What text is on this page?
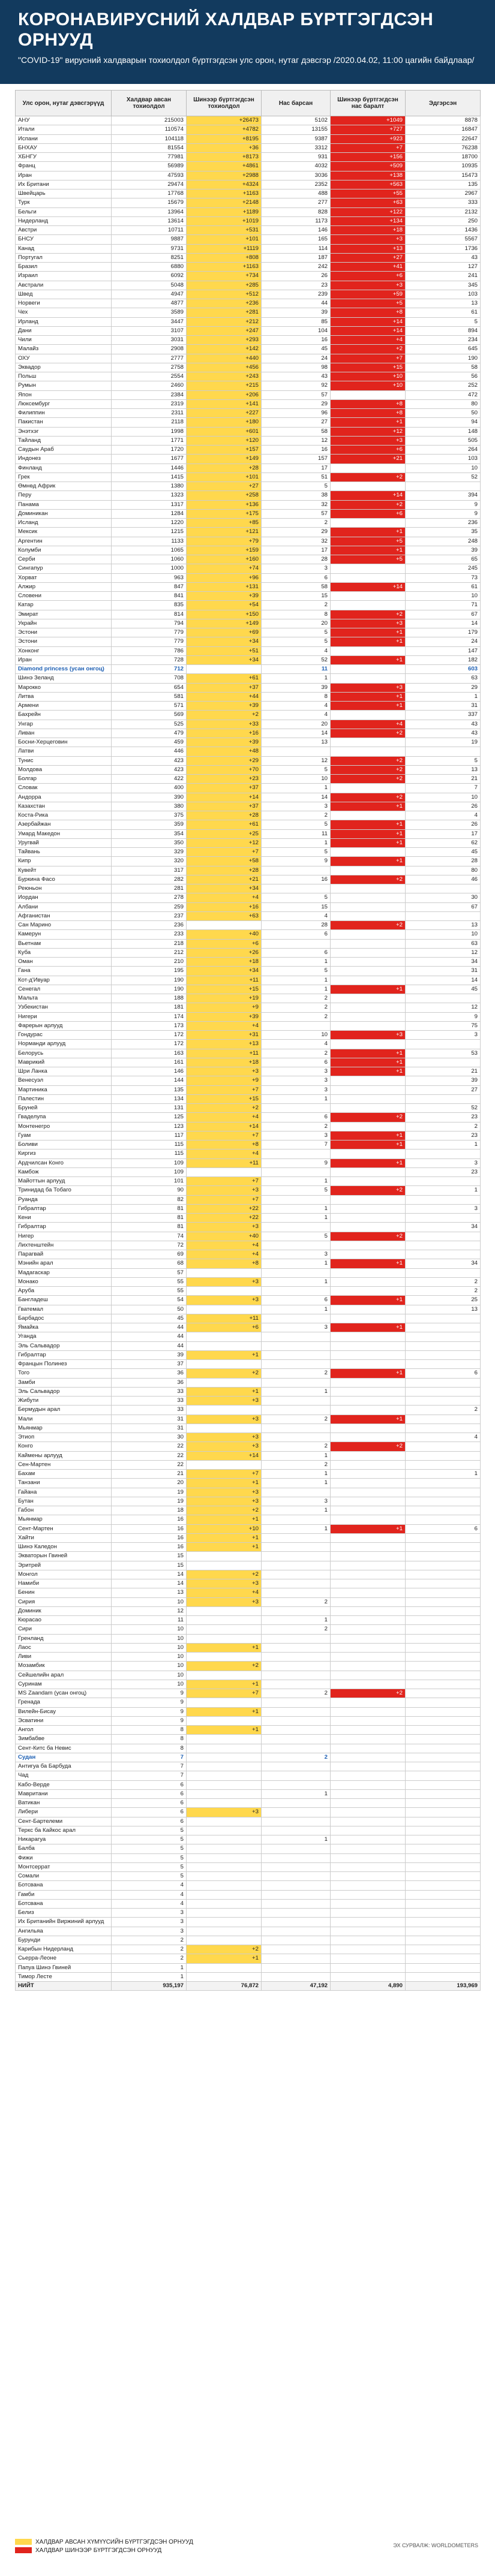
КОРОНАВИРУСНИЙ ХАЛДВАР БҮРТГЭГДСЭН ОРНУУД
"COVID-19" вирусний халдварын тохиолдол бүртгэгдсэн улс орон, нутаг дэвсгэр /2020.04.02, 11:00 цагийн байдлаар/
Улс орон, нутаг дэвсгэрүүд	Халдвар авсан тохиолдол	Шинээр бүртгэгдсэн тохиолдол	Нас барсан	Шинээр бүртгэгдсэн нас баралт	Эдгэрсэн
АНУ	215003	+26473	5102	+1049	8878
Итали	110574	+4782	13155	+727	16847
Испани	104118	+8195	9387	+923	22647
БНХАУ	81554	+36	3312	+7	76238
ХБНГУ	77981	+8173	931	+156	18700
Франц	56989	+4861	4032	+509	10935
Иран	47593	+2988	3036	+138	15473
Их Британи	29474	+4324	2352	+563	135
Швейцарь	17768	+1163	488	+55	2967
Турк	15679	+2148	277	+63	333
Бельги	13964	+1189	828	+122	2132
Нидерланд	13614	+1019	1173	+134	250
Австри	10711	+531	146	+18	1436
БНСУ	9887	+101	165	+3	5567
Канад	9731	+1119	114	+13	1736
Португал	8251	+808	187	+27	43
Бразил	6880	+1163	242	+41	127
Израил	6092	+734	26	+6	241
Австрали	5048	+285	23	+3	345
Швед	4947	+512	239	+59	103
Норвеги	4877	+236	44	+5	13
Чех	3589	+281	39	+8	61
Ирланд	3447	+212	85	+14	5
Дани	3107	+247	104	+14	894
Чили	3031	+293	16	+4	234
Малайз	2908	+142	45	+2	645
ОХУ	2777	+440	24	+7	190
Эквадор	2758	+456	98	+15	58
Польш	2554	+243	43	+10	56
Румын	2460	+215	92	+10	252
Япон	2384	+206	57		472
Люксембург	2319	+141	29	+8	80
Филиппин	2311	+227	96	+8	50
Пакистан	2118	+180	27	+1	94
Энэтхэг	1998	+601	58	+12	148
Тайланд	1771	+120	12	+3	505
Саудын Араб	1720	+157	16	+6	264
Индонез	1677	+149	157	+21	103
Финланд	1446	+28	17		10
Грек	1415	+101	51	+2	52
Өмнөд Африк	1380	+27	5		
Перу	1323	+258	38	+14	394
Панама	1317	+136	32	+2	9
Доминикан	1284	+175	57	+6	9
Исланд	1220	+85	2		236
Мексик	1215	+121	29	+1	35
Аргентин	1133	+79	32	+5	248
Колумби	1065	+159	17	+1	39
Серби	1060	+160	28	+5	65
Сингапур	1000	+74	3		245
Хорват	963	+96	6		73
Алжир	847	+131	58	+14	61
Словени	841	+39	15		10
Катар	835	+54	2		71
Эмират	814	+150	8	+2	67
Украйн	794	+149	20	+3	14
Эстони	779	+69	5	+1	179
Эстони	779	+34	5	+1	24
Хонконг	786	+51	4		147
Иран	728	+34	52	+1	182
Diamond princess (усан онгоц)	712		11		603
Шинэ Зеланд	708	+61	1		63
Марокко	654	+37	39	+3	29
Литва	581	+44	8	+1	1
Армени	571	+39	4	+1	31
Бахрейн	569	+2	4		337
Унгар	525	+33	20	+4	43
Ливан	479	+16	14	+2	43
Босни-Херцеговин	459	+39	13		19
Латви	446	+48			
Тунис	423	+29	12	+2	5
Молдова	423	+70	5	+2	13
Болгар	422	+23	10	+2	21
Словак	400	+37	1		7
Андорра	390	+14	14	+2	10
Казахстан	380	+37	3	+1	26
Коста-Рика	375	+28	2		4
Азербайжан	359	+61	5	+1	26
Умард Македон	354	+25	11	+1	17
Уругвай	350	+12	1	+1	62
Тайвань	329	+7	5		45
Кипр	320	+58	9	+1	28
Кувейт	317	+28			80
Буркина Фасо	282	+21	16	+2	46
Реюньон	281	+34			
Иордан	278	+4	5		30
Албани	259	+16	15		67
Афганистан	237	+63	4		
Сан Марино	236		28	+2	13
Камерун	233	+40	6		10
Вьетнам	218	+6			63
Куба	212	+26	6		12
Оман	210	+18	1		34
Гана	195	+34	5		31
Кот-д'Ивуар	190	+11	1		14
Сенегал	190	+15	1	+1	45
Мальта	188	+19	2		
Узбекистан	181	+9	2		12
Нигери	174	+39	2		9
Фарерын арлууд	173	+4			75
Гондурас	172	+31	10	+3	3
Норманди арлууд	172	+13	4		
Белорусь	163	+11	2	+1	53
Маврикий	161	+18	6	+1	
Шри Ланка	146	+3	3	+1	21
Венесуэл	144	+9	3		39
Мартиника	135	+7	3		27
Палестин	134	+15	1		
Бруней	131	+2			52
Гваделупа	125	+4	6	+2	23
Монтенегро	123	+14	2		2
Гуам	117	+7	3	+1	23
Боливи	115	+8	7	+1	1
Киргиз	115	+4			
Ардчилсан Конго	109	+11	9	+1	3
Камбож	109				23
Майоттын арлууд	101	+7	1		
Тринидад ба Тобаго	90	+3	5	+2	1
Руанда	82	+7			
Гибралтар	81	+22	1		3
Кени	81	+22	1		
Гибралтар	81	+3			34
Нигер	74	+40	5	+2	
Лихтенштейн	72	+4			
Парагвай	69	+4	3		
Мэнийн арал	68	+8	1	+1	34
Мадагаскар	57				
Монако	55	+3	1		2
Аруба	55				2
Бангладеш	54	+3	6	+1	25
Гватемал	50		1		13
Барбадос	45	+11			
Ямайка	44	+6	3	+1	
Уганда	44				
Эль Сальвадор	44				
Гибралтар	39	+1			
Францын Полинез	37				
Того	36	+2	2	+1	6
Замби	36				
Эль Сальвадор	33	+1	1		
Жибути	33	+3			
Бермудын арал	33				2
Мали	31	+3	2	+1	
Мьянмар	31				
Этиоп	30	+3			4
Конго	22	+3	2	+2	
Каймены арлууд	22	+14	1		
Сен-Мартен	22		2		
Бахам	21	+7	1		1
Танзани	20	+1	1		
Гайана	19	+3			
Бутан	19	+3	3		
Габон	18	+2	1		
Мьянмар	16	+1			
Сент-Мартен	16	+10	1	+1	6
Хайти	16	+1			
Шинэ Каледон	16	+1			
Экваторын Гвиней	15				
Эритрей	15				
Монгол	14	+2			
Намиби	14	+3			
Бенин	13	+4			
Сирия	10	+3	2		
Доминик	12				
Кюрасао	11		1		
Сири	10		2		
Гренланд	10				
Лаос	10	+1			
Ливи	10				
Мозамбик	10	+2			
Сейшелийн арал	10				
Суринам	10	+1			
MS Zaandam (усан онгоц)	9	+7	2	+2	
Гренада	9				
Вилейн-Бисау	9	+1			
Эсватини	9				
Ангол	8	+1			
Зимбабве	8				
Сент-Китс ба Невис	8				
Судан	7		2		
Антигуа ба Барбуда	7				
Чад	7				
Кабо-Верде	6				
Мавритани	6		1		
Ватикан	6				
Либери	6	+3			
Сент-Бартелеми	6				
Теркс ба Кайкос арал	5				
Никарагуа	5		1		
Балба	5				
Фижи	5				
Монтсеррат	5				
Сомали	5				
Ботсвана	4				
Гамби	4				
Ботсвана	4				
Белиз	3				
Их Британийн Виржиний арлууд	3				
Ангильяа	3				
Бурунди	2				
Карибын Нидерланд	2	+2			
Сьерра-Леоне	2	+1			
Папуа Шинэ Гвиней	1				
Тимор Лесте	1				
НИЙТ	935,197	76,872	47,192	4,890	193,969
ХАЛДВАР АВСАН ХҮМҮҮСИЙН БҮРТГЭГДСЭН ОРНУУД
ХАЛДВАР ШИНЭЭР БҮРТГЭГДСЭН ОРНУУД
ЭХ СУРВАЛЖ: WORLDOMETERS
